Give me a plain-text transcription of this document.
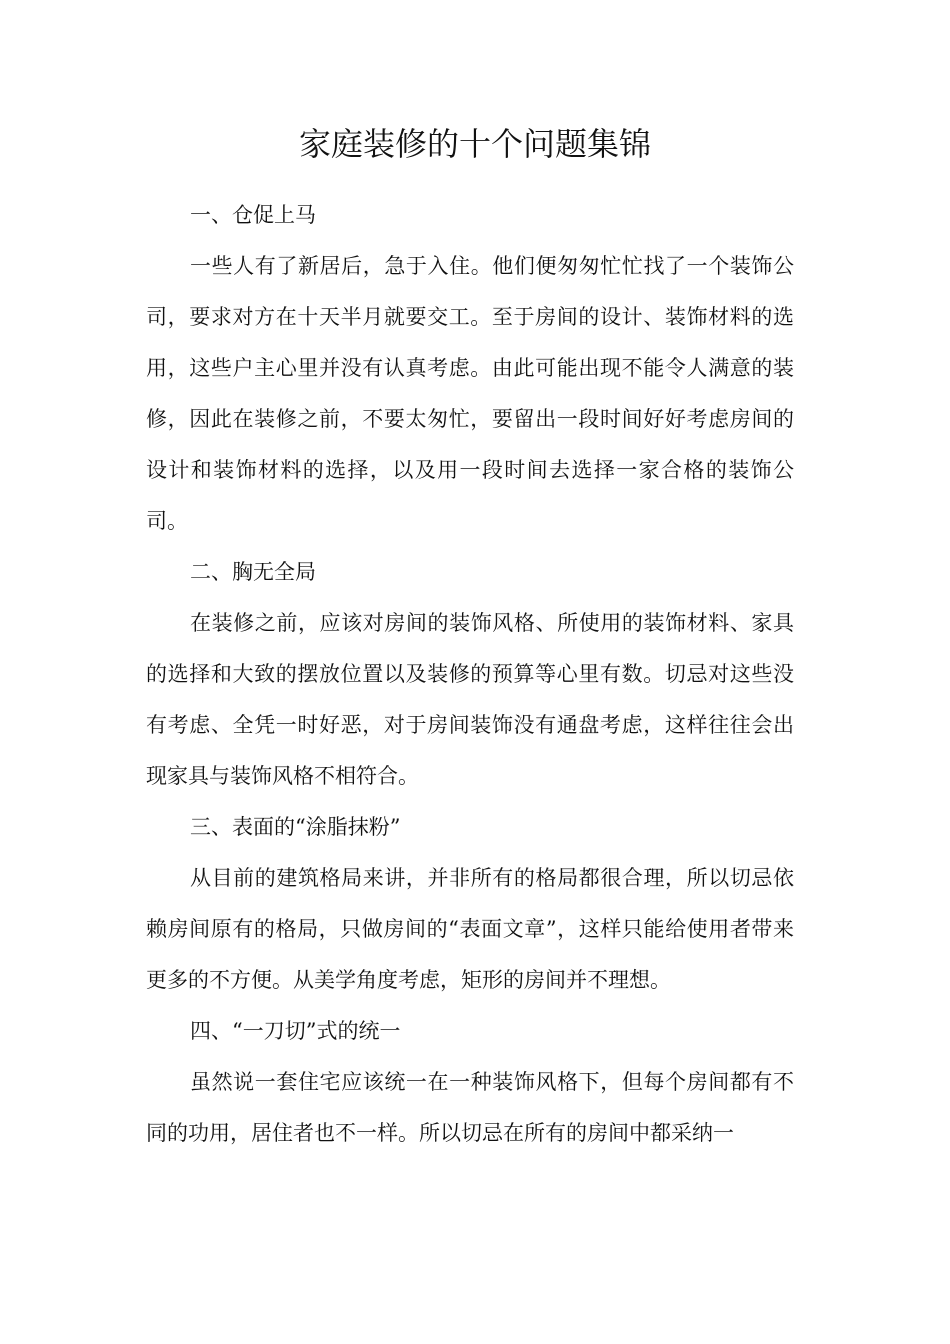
家庭装修的十个问题集锦

一、仓促上马

一些人有了新居后，急于入住。他们便匆匆忙忙找了一个装饰公司，要求对方在十天半月就要交工。至于房间的设计、装饰材料的选用，这些户主心里并没有认真考虑。由此可能出现不能令人满意的装修，因此在装修之前，不要太匆忙，要留出一段时间好好考虑房间的设计和装饰材料的选择，以及用一段时间去选择一家合格的装饰公司。

二、胸无全局

在装修之前，应该对房间的装饰风格、所使用的装饰材料、家具的选择和大致的摆放位置以及装修的预算等心里有数。切忌对这些没有考虑、全凭一时好恶，对于房间装饰没有通盘考虑，这样往往会出现家具与装饰风格不相符合。

三、表面的“涂脂抹粉”

从目前的建筑格局来讲，并非所有的格局都很合理，所以切忌依赖房间原有的格局，只做房间的“表面文章”，这样只能给使用者带来更多的不方便。从美学角度考虑，矩形的房间并不理想。

四、“一刀切”式的统一

虽然说一套住宅应该统一在一种装饰风格下，但每个房间都有不同的功用，居住者也不一样。所以切忌在所有的房间中都采纳一
